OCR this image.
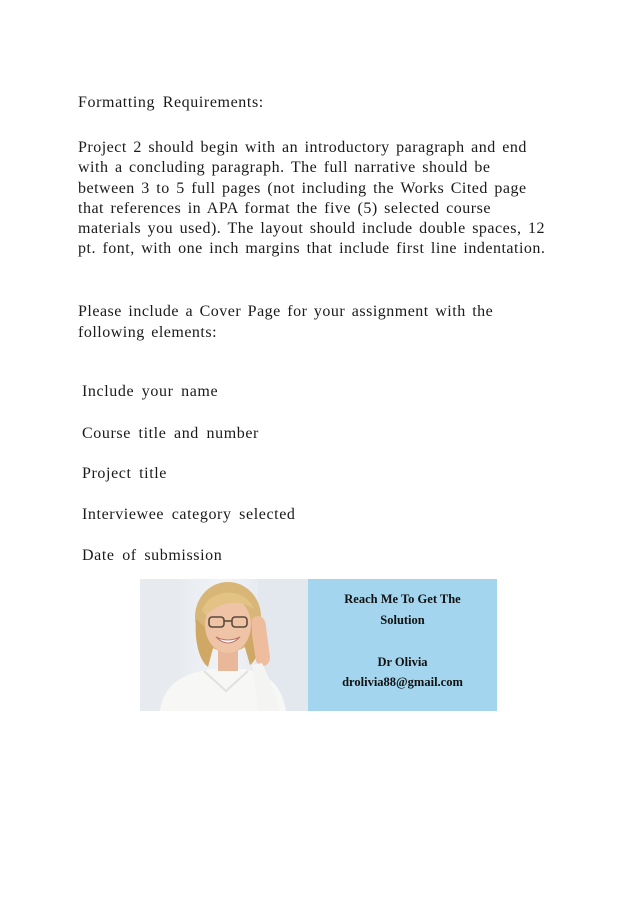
Formatting Requirements:
Project 2 should begin with an introductory paragraph and end with a concluding paragraph. The full narrative should be between 3 to 5 full pages (not including the Works Cited page that references in APA format the five (5) selected course materials you used). The layout should include double spaces, 12 pt. font, with one inch margins that include first line indentation.
Please include a Cover Page for your assignment with the following elements:
Include your name
Course title and number
Project title
Interviewee category selected
Date of submission
Reach Me To Get The
Solution
Dr Olivia
drolivia88@gmail.com
